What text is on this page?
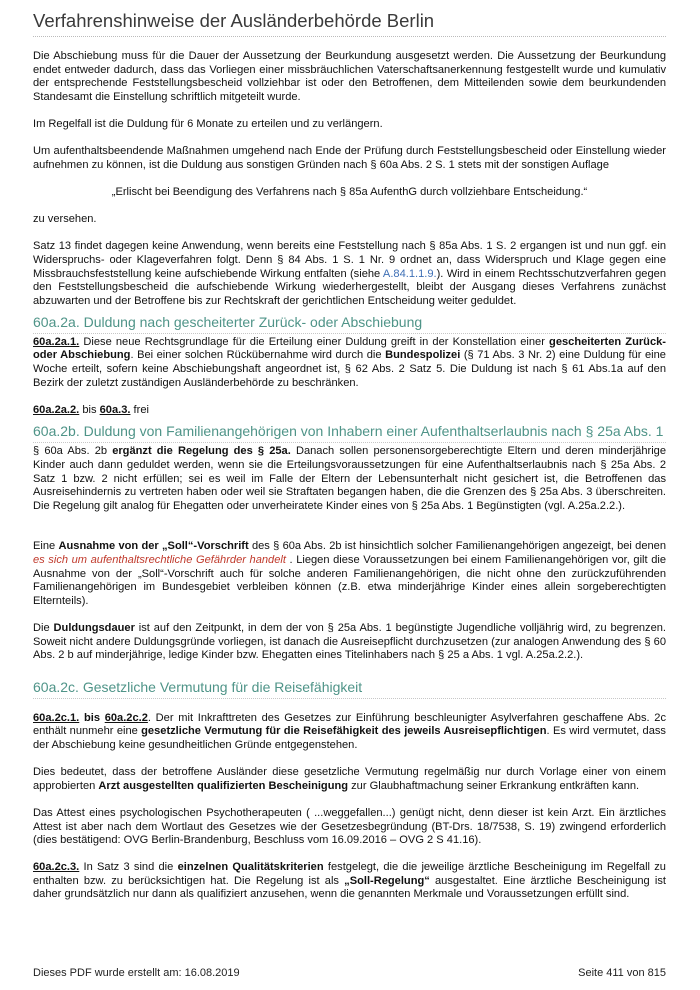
Verfahrenshinweise der Ausländerbehörde Berlin

Die Abschiebung muss für die Dauer der Aussetzung der Beurkundung ausgesetzt werden. Die Aussetzung der Beurkundung endet entweder dadurch, dass das Vorliegen einer missbräuchlichen Vaterschaftsanerkennung festgestellt wurde und kumulativ der entsprechende Feststellungsbescheid vollziehbar ist oder den Betroffenen, dem Mitteilenden sowie dem beurkundenden Standesamt die Einstellung schriftlich mitgeteilt wurde.

Im Regelfall ist die Duldung für 6 Monate zu erteilen und zu verlängern.

Um aufenthaltsbeendende Maßnahmen umgehend nach Ende der Prüfung durch Feststellungsbescheid oder Einstellung wieder aufnehmen zu können, ist die Duldung aus sonstigen Gründen nach § 60a Abs. 2 S. 1 stets mit der sonstigen Auflage

„Erlischt bei Beendigung des Verfahrens nach § 85a AufenthG durch vollziehbare Entscheidung.“

zu versehen.

Satz 13 findet dagegen keine Anwendung, wenn bereits eine Feststellung nach § 85a Abs. 1 S. 2 ergangen ist und nun ggf. ein Widerspruchs- oder Klageverfahren folgt. Denn § 84 Abs. 1 S. 1 Nr. 9 ordnet an, dass Widerspruch und Klage gegen eine Missbrauchsfeststellung keine aufschiebende Wirkung entfalten (siehe A.84.1.1.9.). Wird in einem Rechtsschutzverfahren gegen den Feststellungsbescheid die aufschiebende Wirkung wiederhergestellt, bleibt der Ausgang dieses Verfahrens zunächst abzuwarten und der Betroffene bis zur Rechtskraft der gerichtlichen Entscheidung weiter geduldet.

60a.2a. Duldung nach gescheiterter Zurück- oder Abschiebung

60a.2a.1. Diese neue Rechtsgrundlage für die Erteilung einer Duldung greift in der Konstellation einer gescheiterten Zurück- oder Abschiebung. Bei einer solchen Rückübernahme wird durch die Bundespolizei (§ 71 Abs. 3 Nr. 2) eine Duldung für eine Woche erteilt, sofern keine Abschiebungshaft angeordnet ist, § 62 Abs. 2 Satz 5. Die Duldung ist nach § 61 Abs.1a auf den Bezirk der zuletzt zuständigen Ausländerbehörde zu beschränken.

60a.2a.2. bis 60a.3. frei

60a.2b. Duldung von Familienangehörigen von Inhabern einer Aufenthaltserlaubnis nach § 25a Abs. 1

§ 60a Abs. 2b ergänzt die Regelung des § 25a. Danach sollen personensorgeberechtigte Eltern und deren minderjährige Kinder auch dann geduldet werden, wenn sie die Erteilungsvoraussetzungen für eine Aufenthaltserlaubnis nach § 25a Abs. 2 Satz 1 bzw. 2 nicht erfüllen; sei es weil im Falle der Eltern der Lebensunterhalt nicht gesichert ist, die Betroffenen das Ausreisehindernis zu vertreten haben oder weil sie Straftaten begangen haben, die die Grenzen des § 25a Abs. 3 überschreiten. Die Regelung gilt analog für Ehegatten oder unverheiratete Kinder eines von § 25a Abs. 1 Begünstigten (vgl. A.25a.2.2.).

Eine Ausnahme von der „Soll“-Vorschrift des § 60a Abs. 2b ist hinsichtlich solcher Familienangehörigen angezeigt, bei denen es sich um aufenthaltsrechtliche Gefährder handelt . Liegen diese Voraussetzungen bei einem Familienangehörigen vor, gilt die Ausnahme von der „Soll“-Vorschrift auch für solche anderen Familienangehörigen, die nicht ohne den zurückzuführenden Familienangehörigen im Bundesgebiet verbleiben können (z.B. etwa minderjährige Kinder eines allein sorgeberechtigten Elternteils).

Die Duldungsdauer ist auf den Zeitpunkt, in dem der von § 25a Abs. 1 begünstigte Jugendliche volljährig wird, zu begrenzen. Soweit nicht andere Duldungsgründe vorliegen, ist danach die Ausreisepflicht durchzusetzen (zur analogen Anwendung des § 60 Abs. 2 b auf minderjährige, ledige Kinder bzw. Ehegatten eines Titelinhabers nach § 25 a Abs. 1 vgl. A.25a.2.2.).

60a.2c. Gesetzliche Vermutung für die Reisefähigkeit

60a.2c.1. bis 60a.2c.2. Der mit Inkrafttreten des Gesetzes zur Einführung beschleunigter Asylverfahren geschaffene Abs. 2c enthält nunmehr eine gesetzliche Vermutung für die Reisefähigkeit des jeweils Ausreisepflichtigen. Es wird vermutet, dass der Abschiebung keine gesundheitlichen Gründe entgegenstehen.

Dies bedeutet, dass der betroffene Ausländer diese gesetzliche Vermutung regelmäßig nur durch Vorlage einer von einem approbierten Arzt ausgestellten qualifizierten Bescheinigung zur Glaubhaftmachung seiner Erkrankung entkräften kann.

Das Attest eines psychologischen Psychotherapeuten ( ...weggefallen...) genügt nicht, denn dieser ist kein Arzt. Ein ärztliches Attest ist aber nach dem Wortlaut des Gesetzes wie der Gesetzesbegründung (BT-Drs. 18/7538, S. 19) zwingend erforderlich (dies bestätigend: OVG Berlin-Brandenburg, Beschluss vom 16.09.2016 – OVG 2 S 41.16).

60a.2c.3. In Satz 3 sind die einzelnen Qualitätskriterien festgelegt, die die jeweilige ärztliche Bescheinigung im Regelfall zu enthalten bzw. zu berücksichtigen hat. Die Regelung ist als „Soll-Regelung“ ausgestaltet. Eine ärztliche Bescheinigung ist daher grundsätzlich nur dann als qualifiziert anzusehen, wenn die genannten Merkmale und Voraussetzungen erfüllt sind.

Dieses PDF wurde erstellt am: 16.08.2019	Seite 411 von 815
